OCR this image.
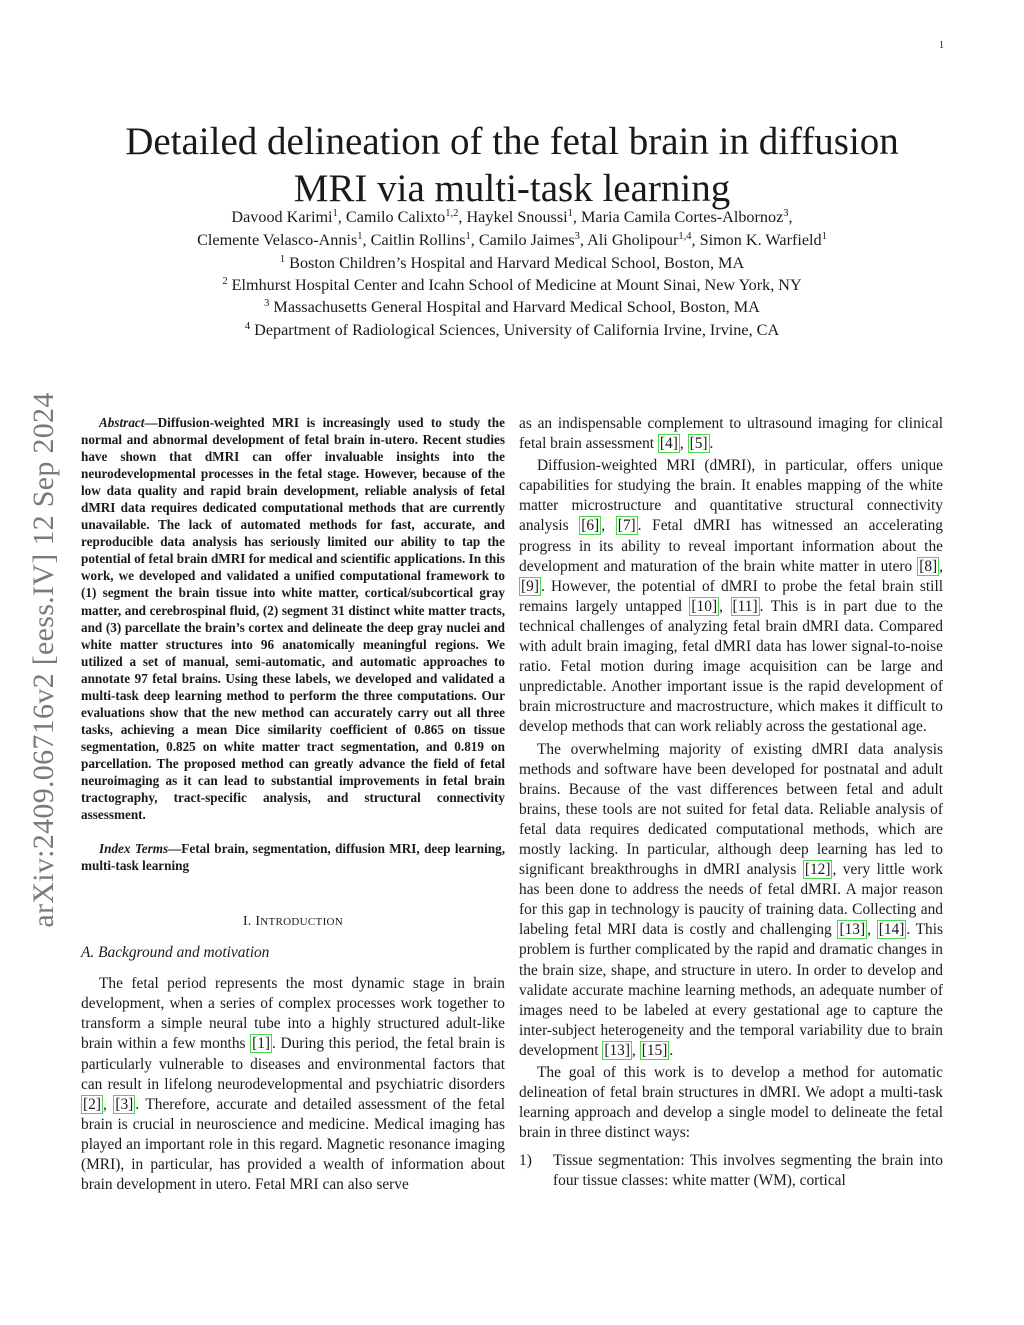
1
arXiv:2409.06716v2 [eess.IV] 12 Sep 2024
Detailed delineation of the fetal brain in diffusion
MRI via multi-task learning
Davood Karimi$^1$, Camilo Calixto$^{1,2}$, Haykel Snoussi$^1$, Maria Camila Cortes-Albornoz$^3$,
Clemente Velasco-Annis$^1$, Caitlin Rollins$^1$, Camilo Jaimes$^3$, Ali Gholipour$^{1,4}$, Simon K. Warfield$^1$
$^1$ Boston Children’s Hospital and Harvard Medical School, Boston, MA
$^2$ Elmhurst Hospital Center and Icahn School of Medicine at Mount Sinai, New York, NY
$^3$ Massachusetts General Hospital and Harvard Medical School, Boston, MA
$^4$ Department of Radiological Sciences, University of California Irvine, Irvine, CA

Abstract—Diffusion-weighted MRI is increasingly used to study the normal and abnormal development of fetal brain in-utero. Recent studies have shown that dMRI can offer invaluable insights into the neurodevelopmental processes in the fetal stage. However, because of the low data quality and rapid brain development, reliable analysis of fetal dMRI data requires dedicated computational methods that are currently unavailable. The lack of automated methods for fast, accurate, and reproducible data analysis has seriously limited our ability to tap the potential of fetal brain dMRI for medical and scientific applications. In this work, we developed and validated a unified computational framework to (1) segment the brain tissue into white matter, cortical/subcortical gray matter, and cerebrospinal fluid, (2) segment 31 distinct white matter tracts, and (3) parcellate the brain’s cortex and delineate the deep gray nuclei and white matter structures into 96 anatomically meaningful regions. We utilized a set of manual, semi-automatic, and automatic approaches to annotate 97 fetal brains. Using these labels, we developed and validated a multi-task deep learning method to perform the three computations. Our evaluations show that the new method can accurately carry out all three tasks, achieving a mean Dice similarity coefficient of 0.865 on tissue segmentation, 0.825 on white matter tract segmentation, and 0.819 on parcellation. The proposed method can greatly advance the field of fetal neuroimaging as it can lead to substantial improvements in fetal brain tractography, tract-specific analysis, and structural connectivity assessment.

Index Terms—Fetal brain, segmentation, diffusion MRI, deep learning, multi-task learning

I. INTRODUCTION
A. Background and motivation

The fetal period represents the most dynamic stage in brain development, when a series of complex processes work together to transform a simple neural tube into a highly structured adult-like brain within a few months [1] . During this period, the fetal brain is particularly vulnerable to diseases and environmental factors that can result in lifelong neurodevelopmental and psychiatric disorders [2] , [3] . Therefore, accurate and detailed assessment of the fetal brain is crucial in neuroscience and medicine. Medical imaging has played an important role in this regard. Magnetic resonance imaging (MRI), in particular, has provided a wealth of information about brain development in utero. Fetal MRI can also serve

as an indispensable complement to ultrasound imaging for clinical fetal brain assessment [4] , [5] .

Diffusion-weighted MRI (dMRI), in particular, offers unique capabilities for studying the brain. It enables mapping of the white matter microstructure and quantitative structural connectivity analysis [6] , [7] . Fetal dMRI has witnessed an accelerating progress in its ability to reveal important information about the development and maturation of the brain white matter in utero [8] , [9] . However, the potential of dMRI to probe the fetal brain still remains largely untapped [10] , [11] . This is in part due to the technical challenges of analyzing fetal brain dMRI data. Compared with adult brain imaging, fetal dMRI data has lower signal-to-noise ratio. Fetal motion during image acquisition can be large and unpredictable. Another important issue is the rapid development of brain microstructure and macrostructure, which makes it difficult to develop methods that can work reliably across the gestational age.

The overwhelming majority of existing dMRI data analysis methods and software have been developed for postnatal and adult brains. Because of the vast differences between fetal and adult brains, these tools are not suited for fetal data. Reliable analysis of fetal data requires dedicated computational methods, which are mostly lacking. In particular, although deep learning has led to significant breakthroughs in dMRI analysis [12] , very little work has been done to address the needs of fetal dMRI. A major reason for this gap in technology is paucity of training data. Collecting and labeling fetal MRI data is costly and challenging [13] , [14] . This problem is further complicated by the rapid and dramatic changes in the brain size, shape, and structure in utero. In order to develop and validate accurate machine learning methods, an adequate number of images need to be labeled at every gestational age to capture the inter-subject heterogeneity and the temporal variability due to brain development [13] , [15] .

The goal of this work is to develop a method for automatic delineation of fetal brain structures in dMRI. We adopt a multi-task learning approach and develop a single model to delineate the fetal brain in three distinct ways:

1) Tissue segmentation: This involves segmenting the brain into four tissue classes: white matter (WM), cortical
